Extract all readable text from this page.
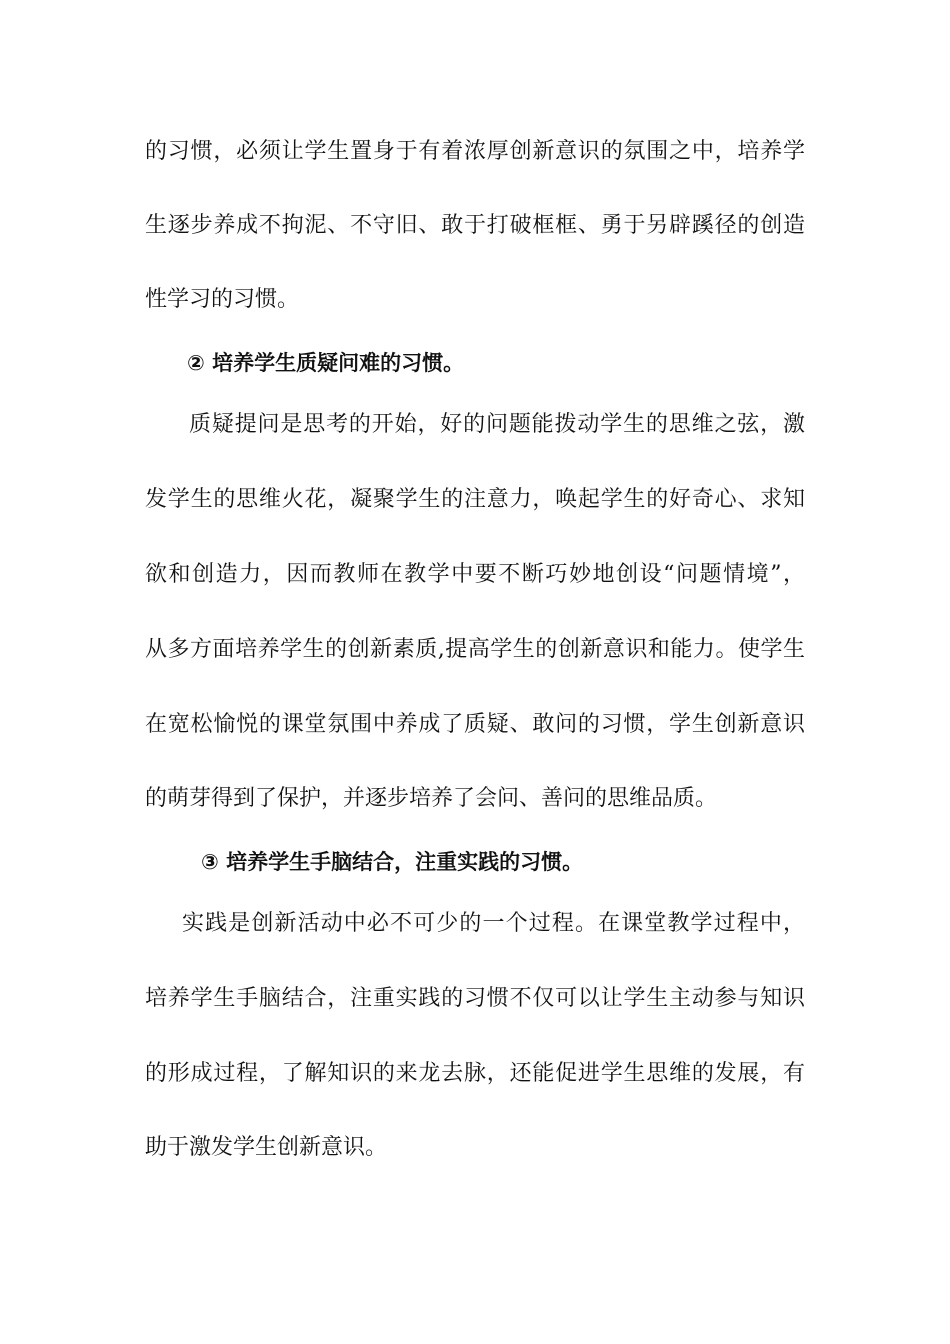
的习惯，必须让学生置身于有着浓厚创新意识的氛围之中，培养学
生逐步养成不拘泥、不守旧、敢于打破框框、勇于另辟蹊径的创造
性学习的习惯。
② 培养学生质疑问难的习惯。
质疑提问是思考的开始，好的问题能拨动学生的思维之弦，激
发学生的思维火花，凝聚学生的注意力，唤起学生的好奇心、求知
欲和创造力，因而教师在教学中要不断巧妙地创设“问题情境”，
从多方面培养学生的创新素质,提高学生的创新意识和能力。使学生
在宽松愉悦的课堂氛围中养成了质疑、敢问的习惯，学生创新意识
的萌芽得到了保护，并逐步培养了会问、善问的思维品质。
③ 培养学生手脑结合，注重实践的习惯。
实践是创新活动中必不可少的一个过程。在课堂教学过程中，
培养学生手脑结合，注重实践的习惯不仅可以让学生主动参与知识
的形成过程，了解知识的来龙去脉，还能促进学生思维的发展，有
助于激发学生创新意识。
